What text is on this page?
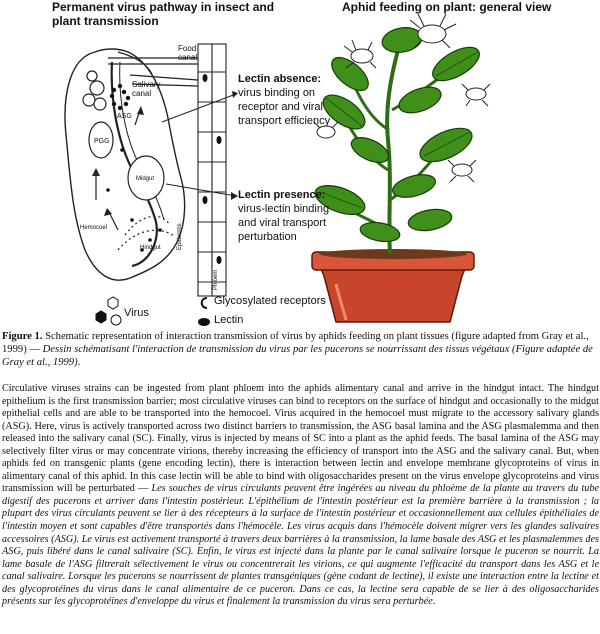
Permanent virus pathway in insect and
plant transmission
Aphid feeding on plant: general view
Food
canal
Salivary
canal
ASG
PGG
Midgut
Hemocoel
Hindgut	Epidermis
Phloem
Lectin absence:
virus binding on
receptor and viral
transport efficiency
Lectin presence:
virus-lectin binding
and viral transport
perturbation
Virus
Glycosylated receptors
Lectin
Figure 1. Schematic representation of interaction transmission of virus by aphids feeding on plant tissues (figure adapted from Gray et al., 1999) — Dessin schématisant l'interaction de transmission du virus par les pucerons se nourrissant des tissus végétaux (Figure adaptée de Gray et al., 1999).
Circulative viruses strains can be ingested from plant phloem into the aphids alimentary canal and arrive in the hindgut intact. The hindgut epithelium is the first transmission barrier; most circulative viruses can bind to receptors on the surface of hindgut and occasionally to the midgut epithelial cells and are able to be transported into the hemocoel. Virus acquired in the hemocoel must migrate to the accessory salivary glands (ASG). Here, virus is actively transported across two distinct barriers to transmission, the ASG basal lamina and the ASG plasmalemma and then released into the salivary canal (SC). Finally, virus is injected by means of SC into a plant as the aphid feeds. The basal lamina of the ASG may selectively filter virus or may concentrate virions, thereby increasing the efficiency of transport into the ASG and the salivary canal. But, when aphids fed on transgenic plants (gene encoding lectin), there is interaction between lectin and envelope membrane glycoproteins of virus in alimentary canal of this aphid. In this case lectin will be able to bind with oligosaccharides present on the virus envelope glycoproteins and virus transmission will be perturbated — Les souches de virus circulants peuvent être ingérées au niveau du phloème de la plante au travers du tube digestif des pucerons et arriver dans l'intestin postérieur. L'épithélium de l'intestin postérieur est la première barrière à la transmission ; la plupart des virus circulants peuvent se lier à des récepteurs à la surface de l'intestin postérieur et occasionnellement aux cellules épithéliales de l'intestin moyen et sont capables d'être transportés dans l'hémocèle. Les virus acquis dans l'hémocèle doivent migrer vers les glandes salivaires accessoires (ASG). Le virus est activement transporté à travers deux barrières à la transmission, la lame basale des ASG et les plasmalemmes des ASG, puis libéré dans le canal salivaire (SC). Enfin, le virus est injecté dans la plante par le canal salivaire lorsque le puceron se nourrit. La lame basale de l'ASG filtrerait sélectivement le virus ou concentrerait les virions, ce qui augmente l'efficacité du transport dans les ASG et le canal salivaire. Lorsque les pucerons se nourrissent de plantes transgéniques (gène codant de lectine), il existe une interaction entre la lectine et des glycoprotéines du virus dans le canal alimentaire de ce puceron. Dans ce cas, la lectine sera capable de se lier à des oligosaccharides présents sur les glycoprotéines d'enveloppe du virus et finalement la transmission du virus sera perturbée.
